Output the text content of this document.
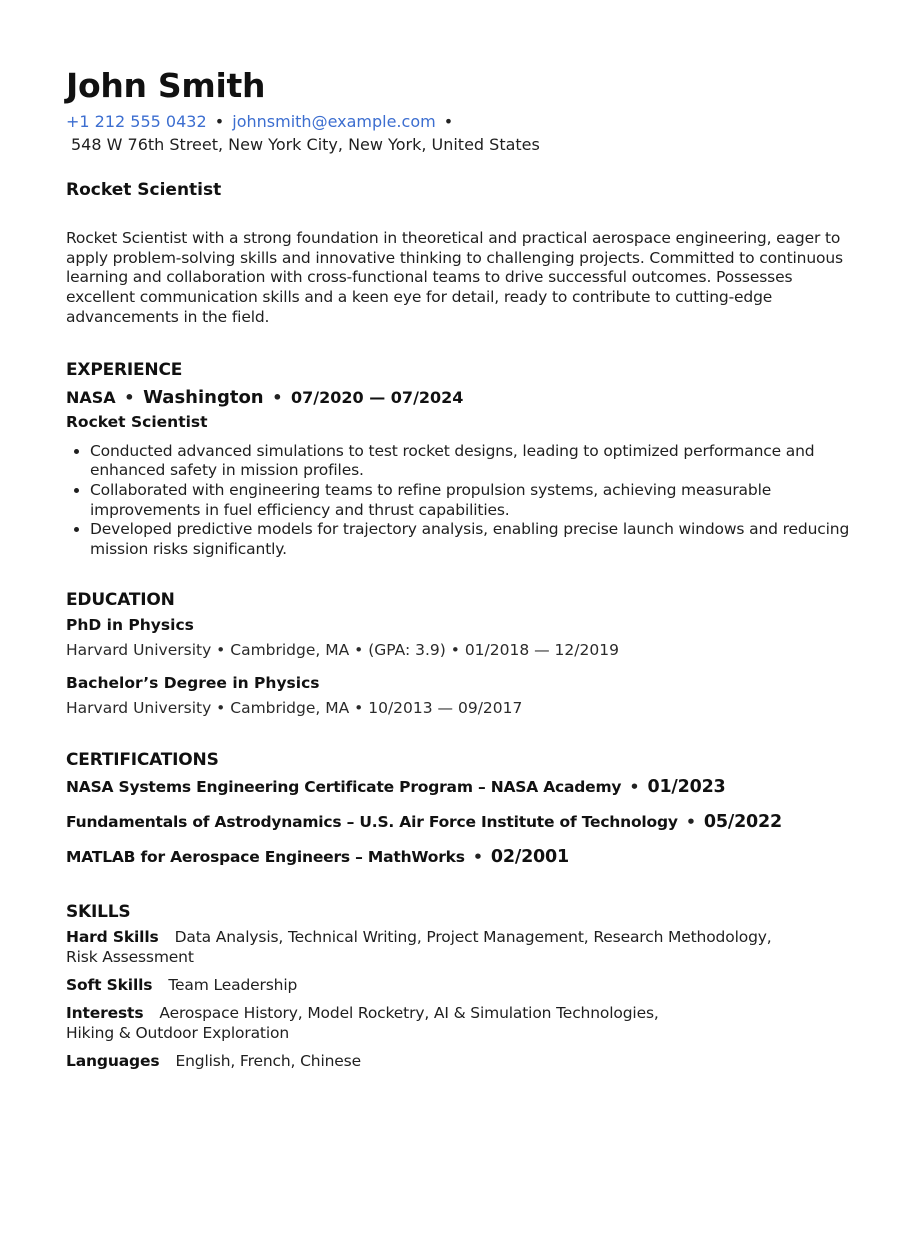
John Smith
+1 212 555 0432 • johnsmith@example.com •
548 W 76th Street, New York City, New York, United States
Rocket Scientist
Rocket Scientist with a strong foundation in theoretical and practical aerospace engineering, eager to apply problem-solving skills and innovative thinking to challenging projects. Committed to continuous learning and collaboration with cross-functional teams to drive successful outcomes. Possesses excellent communication skills and a keen eye for detail, ready to contribute to cutting-edge advancements in the field.
EXPERIENCE
NASA • Washington • 07/2020 — 07/2024
Rocket Scientist
• Conducted advanced simulations to test rocket designs, leading to optimized performance and enhanced safety in mission profiles.
• Collaborated with engineering teams to refine propulsion systems, achieving measurable improvements in fuel efficiency and thrust capabilities.
• Developed predictive models for trajectory analysis, enabling precise launch windows and reducing mission risks significantly.
EDUCATION
PhD in Physics
Harvard University • Cambridge, MA • (GPA: 3.9) • 01/2018 — 12/2019
Bachelor’s Degree in Physics
Harvard University • Cambridge, MA • 10/2013 — 09/2017
CERTIFICATIONS
NASA Systems Engineering Certificate Program – NASA Academy • 01/2023
Fundamentals of Astrodynamics – U.S. Air Force Institute of Technology • 05/2022
MATLAB for Aerospace Engineers – MathWorks • 02/2001
SKILLS
Hard Skills Data Analysis, Technical Writing, Project Management, Research Methodology,
Risk Assessment
Soft Skills Team Leadership
Interests Aerospace History, Model Rocketry, AI & Simulation Technologies,
Hiking & Outdoor Exploration
Languages English, French, Chinese
